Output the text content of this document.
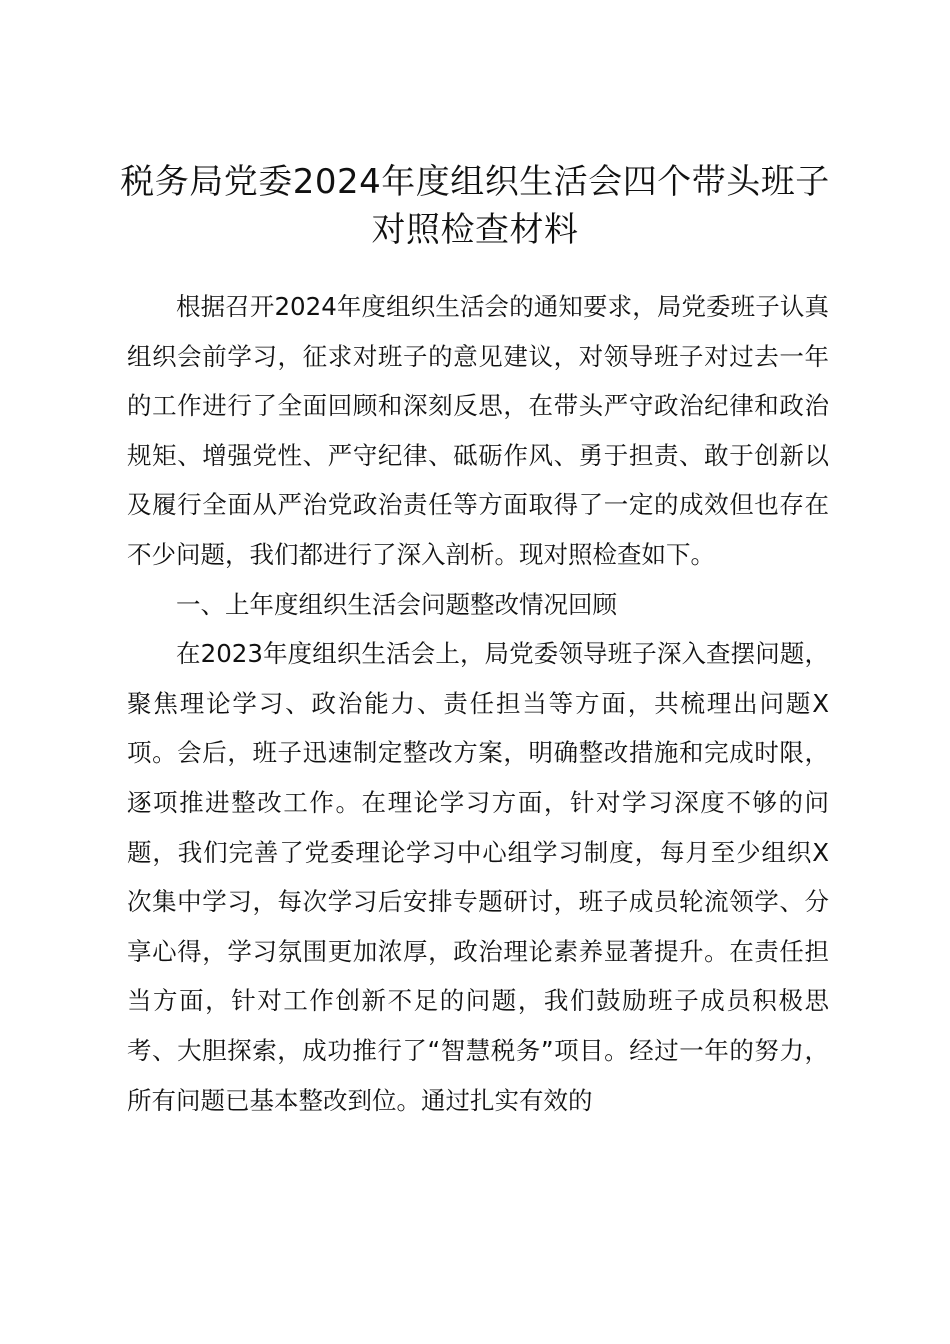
税务局党委2024年度组织生活会四个带头班子对照检查材料

根据召开2024年度组织生活会的通知要求，局党委班子认真组织会前学习，征求对班子的意见建议，对领导班子对过去一年的工作进行了全面回顾和深刻反思，在带头严守政治纪律和政治规矩、增强党性、严守纪律、砥砺作风、勇于担责、敢于创新以及履行全面从严治党政治责任等方面取得了一定的成效但也存在不少问题，我们都进行了深入剖析。现对照检查如下。

一、上年度组织生活会问题整改情况回顾

在2023年度组织生活会上，局党委领导班子深入查摆问题，聚焦理论学习、政治能力、责任担当等方面，共梳理出问题X项。会后，班子迅速制定整改方案，明确整改措施和完成时限，逐项推进整改工作。在理论学习方面，针对学习深度不够的问题，我们完善了党委理论学习中心组学习制度，每月至少组织X次集中学习，每次学习后安排专题研讨，班子成员轮流领学、分享心得，学习氛围更加浓厚，政治理论素养显著提升。在责任担当方面，针对工作创新不足的问题，我们鼓励班子成员积极思考、大胆探索，成功推行了“智慧税务”项目。经过一年的努力，所有问题已基本整改到位。通过扎实有效的
